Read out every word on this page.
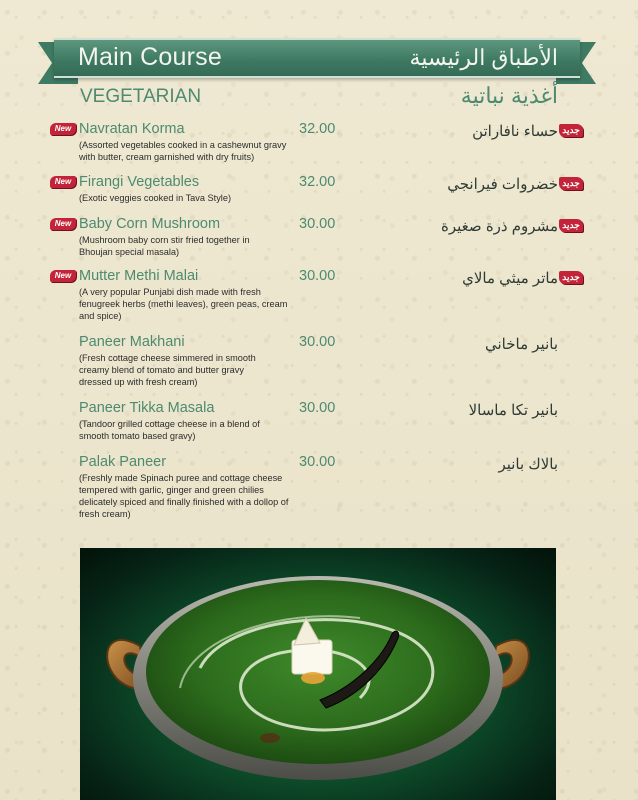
Main Course	الأطباق الرئيسية
VEGETARIAN	أغذية نباتية
New Navratan Korma
(Assorted vegetables cooked in a cashewnut gravy with butter, cream garnished with dry fruits)
32.00	حساء نافاراتن جديد
New Firangi Vegetables
(Exotic veggies cooked in Tava Style)
32.00	خضروات فيرانجي جديد
New Baby Corn Mushroom
(Mushroom baby corn stir fried together in Bhoujan special masala)
30.00	مشروم ذرة صغيرة جديد
New Mutter Methi Malai
(A very popular Punjabi dish made with fresh fenugreek herbs (methi leaves), green peas, cream and spice)
30.00	ماتر ميثي مالاي جديد
Paneer Makhani
(Fresh cottage cheese simmered in smooth creamy blend of tomato and butter gravy dressed up with fresh cream)
30.00	بانير ماخاني
Paneer Tikka Masala
(Tandoor grilled cottage cheese in a blend of smooth tomato based gravy)
30.00	بانير تكا ماسالا
Palak Paneer
(Freshly made Spinach puree and cottage cheese tempered with garlic, ginger and green chilies delicately spiced and finally finished with a dollop of fresh cream)
30.00	بالاك بانير
